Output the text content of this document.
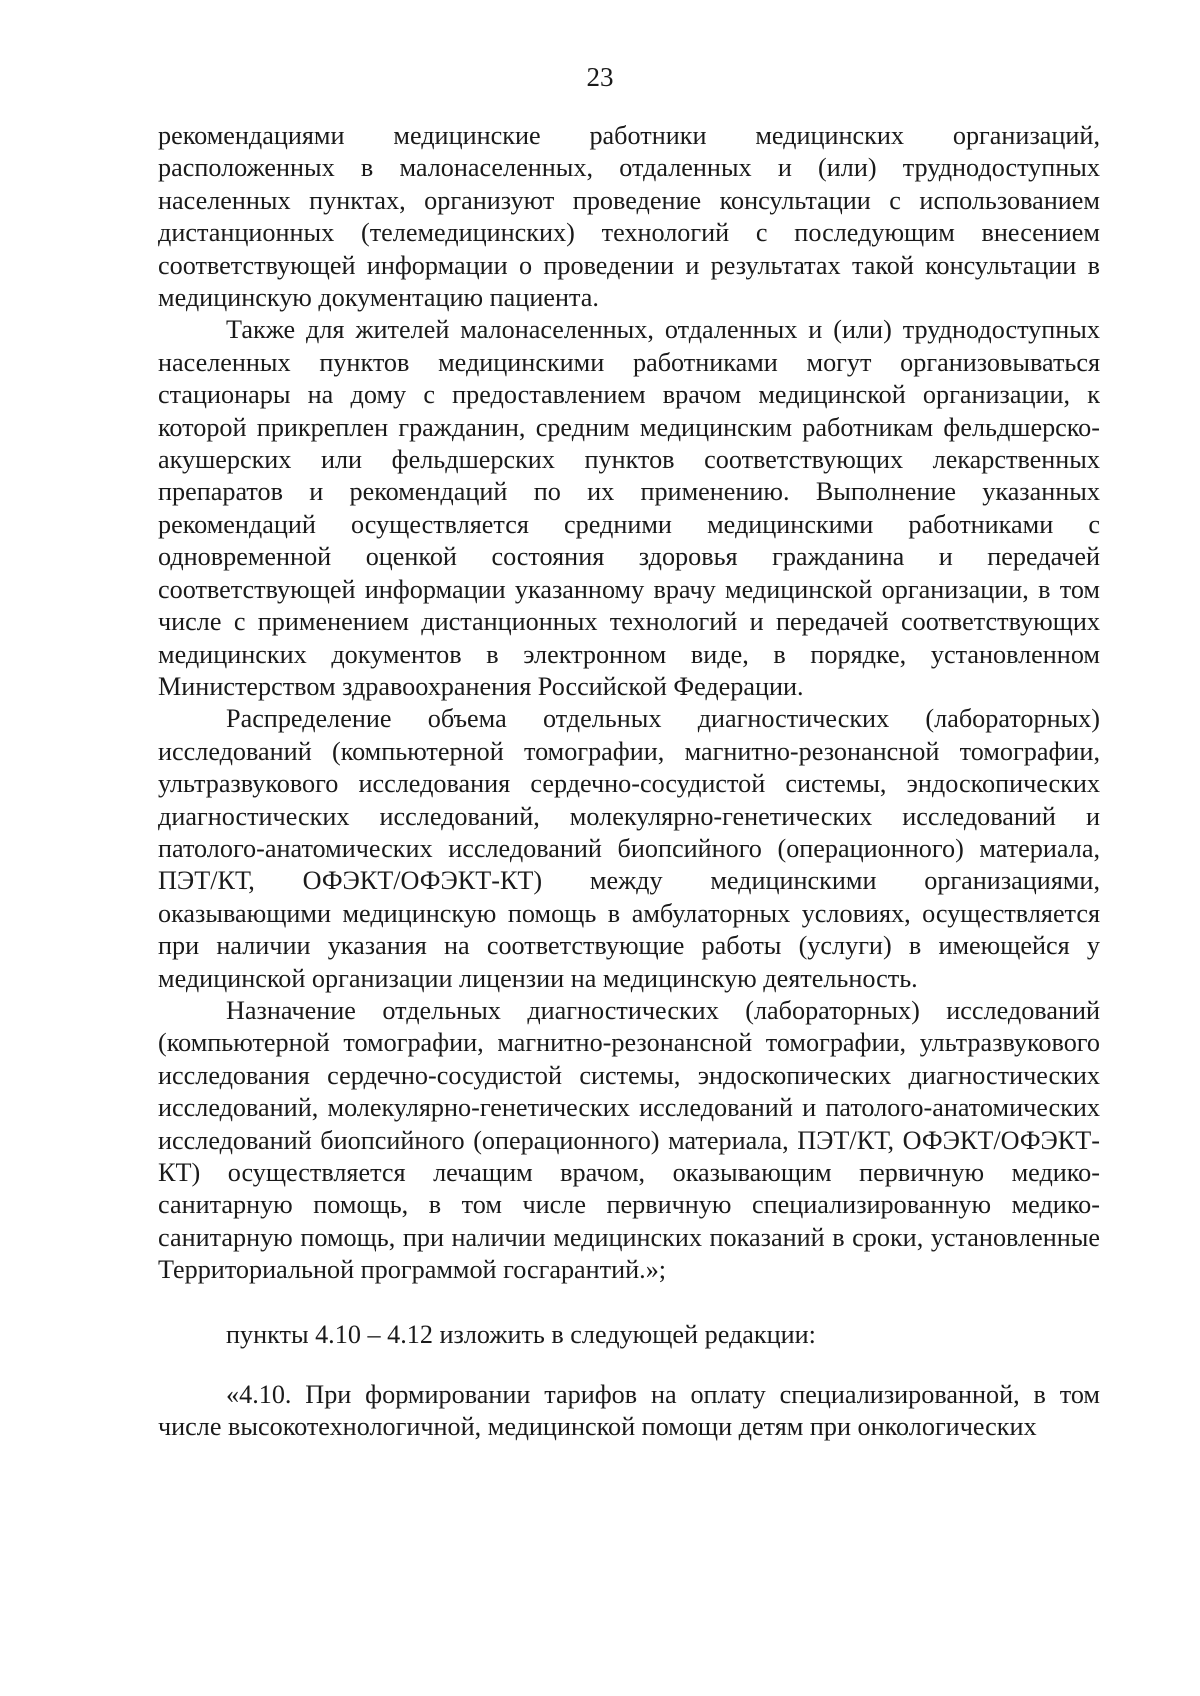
23

рекомендациями медицинские работники медицинских организаций, расположенных в малонаселенных, отдаленных и (или) труднодоступных населенных пунктах, организуют проведение консультации с использованием дистанционных (телемедицинских) технологий с последующим внесением соответствующей информации о проведении и результатах такой консультации в медицинскую документацию пациента.

Также для жителей малонаселенных, отдаленных и (или) труднодоступных населенных пунктов медицинскими работниками могут организовываться стационары на дому с предоставлением врачом медицинской организации, к которой прикреплен гражданин, средним медицинским работникам фельдшерско-акушерских или фельдшерских пунктов соответствующих лекарственных препаратов и рекомендаций по их применению. Выполнение указанных рекомендаций осуществляется средними медицинскими работниками с одновременной оценкой состояния здоровья гражданина и передачей соответствующей информации указанному врачу медицинской организации, в том числе с применением дистанционных технологий и передачей соответствующих медицинских документов в электронном виде, в порядке, установленном Министерством здравоохранения Российской Федерации.

Распределение объема отдельных диагностических (лабораторных) исследований (компьютерной томографии, магнитно-резонансной томографии, ультразвукового исследования сердечно-сосудистой системы, эндоскопических диагностических исследований, молекулярно-генетических исследований и патолого-анатомических исследований биопсийного (операционного) материала, ПЭТ/КТ, ОФЭКТ/ОФЭКТ-КТ) между медицинскими организациями, оказывающими медицинскую помощь в амбулаторных условиях, осуществляется при наличии указания на соответствующие работы (услуги) в имеющейся у медицинской организации лицензии на медицинскую деятельность.

Назначение отдельных диагностических (лабораторных) исследований (компьютерной томографии, магнитно-резонансной томографии, ультразвукового исследования сердечно-сосудистой системы, эндоскопических диагностических исследований, молекулярно-генетических исследований и патолого-анатомических исследований биопсийного (операционного) материала, ПЭТ/КТ, ОФЭКТ/ОФЭКТ-КТ) осуществляется лечащим врачом, оказывающим первичную медико-санитарную помощь, в том числе первичную специализированную медико-санитарную помощь, при наличии медицинских показаний в сроки, установленные Территориальной программой госгарантий.»;

пункты 4.10 – 4.12 изложить в следующей редакции:

«4.10. При формировании тарифов на оплату специализированной, в том числе высокотехнологичной, медицинской помощи детям при онкологических
